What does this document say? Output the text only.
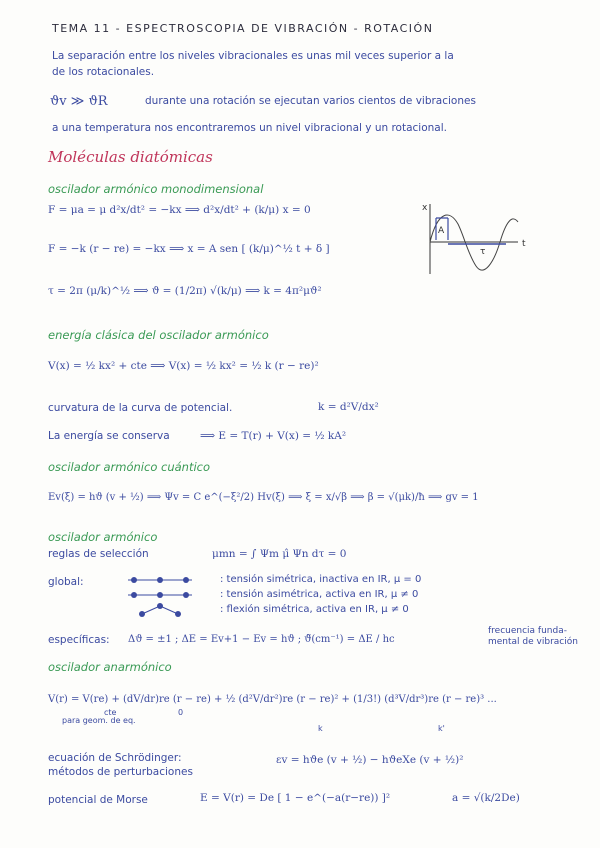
TEMA 11 - ESPECTROSCOPIA DE VIBRACIÓN - ROTACIÓN
La separación entre los niveles vibracionales es unas mil veces superior a la
de los rotacionales.
ϑv ≫ ϑR	durante una rotación se ejecutan varios cientos de vibraciones
a una temperatura nos encontraremos un nivel vibracional y un rotacional.
Moléculas diatómicas
oscilador armónico monodimensional
F = μa = μ d²x/dt² = −kx ⟹ d²x/dt² + (k/μ) x = 0
F = −k (r − re) = −kx ⟹ x = A sen [ (k/μ)^½ t + δ ]
τ = 2π (μ/k)^½ ⟹ ϑ = (1/2π) √(k/μ) ⟹ k = 4π²μϑ²
x
t
A
τ
energía clásica del oscilador armónico
V(x) = ½ kx² + cte ⟹ V(x) = ½ kx² = ½ k (r − re)²
curvatura de la curva de potencial.	k = d²V/dx²
La energía se conserva	⟹ E = T(r) + V(x) = ½ kA²
oscilador armónico cuántico
Ev(ξ) = hϑ (v + ½) ⟹ Ψv = C e^(−ξ²/2) Hv(ξ) ⟹ ξ = x/√β ⟹ β = √(μk)/ħ ⟹ gv = 1
oscilador armónico
reglas de selección	μmn = ∫ Ψm μ̂ Ψn dτ = 0
global:	: tensión simétrica, inactiva en IR, μ = 0
: tensión asimétrica, activa en IR, μ ≠ 0
: flexión simétrica, activa en IR, μ ≠ 0
específicas: Δϑ = ±1 ; ΔE = Ev+1 − Ev = hϑ ; ϑ̃(cm⁻¹) = ΔE / hc
frecuencia funda-
mental de vibración
oscilador anarmónico
V(r) = V(re) + (dV/dr)re (r − re) + ½ (d²V/dr²)re (r − re)² + (1/3!) (d³V/dr³)re (r − re)³ ...
cte
para geom. de eq.
0
k	k'
ecuación de Schrödinger:
métodos de perturbaciones
εv = hϑe (v + ½) − hϑeXe (v + ½)²
potencial de Morse	E = V(r) = De [ 1 − e^(−a(r−re)) ]²	a = √(k/2De)
